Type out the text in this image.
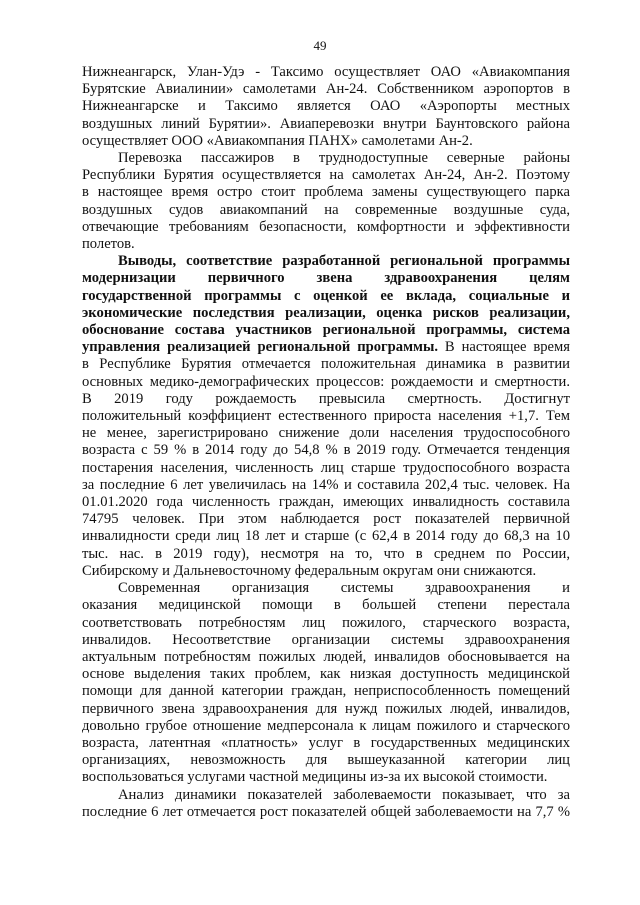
49
Нижнеангарск, Улан-Удэ - Таксимо осуществляет ОАО «Авиакомпания
Бурятские Авиалинии» самолетами Ан-24. Собственником аэропортов в
Нижнеангарске и Таксимо является ОАО «Аэропорты местных
воздушных линий Бурятии». Авиаперевозки внутри Баунтовского района
осуществляет ООО «Авиакомпания ПАНХ» самолетами Ан-2.
Перевозка пассажиров в труднодоступные северные районы
Республики Бурятия осуществляется на самолетах Ан-24, Ан-2. Поэтому
в настоящее время остро стоит проблема замены существующего парка
воздушных судов авиакомпаний на современные воздушные суда,
отвечающие требованиям безопасности, комфортности и эффективности
полетов.
Выводы, соответствие разработанной региональной программы
модернизации первичного звена здравоохранения целям
государственной программы с оценкой ее вклада, социальные и
экономические последствия реализации, оценка рисков реализации,
обоснование состава участников региональной программы, система
управления реализацией региональной программы. В настоящее время
в Республике Бурятия отмечается положительная динамика в развитии
основных медико-демографических процессов: рождаемости и смертности.
В 2019 году рождаемость превысила смертность. Достигнут
положительный коэффициент естественного прироста населения +1,7. Тем
не менее, зарегистрировано снижение доли населения трудоспособного
возраста с 59 % в 2014 году до 54,8 % в 2019 году. Отмечается тенденция
постарения населения, численность лиц старше трудоспособного возраста
за последние 6 лет увеличилась на 14% и составила 202,4 тыс. человек. На
01.01.2020 года численность граждан, имеющих инвалидность составила
74795 человек. При этом наблюдается рост показателей первичной
инвалидности среди лиц 18 лет и старше (с 62,4 в 2014 году до 68,3 на 10
тыс. нас. в 2019 году), несмотря на то, что в среднем по России,
Сибирскому и Дальневосточному федеральным округам они снижаются.
Современная организация системы здравоохранения и
оказания медицинской помощи в большей степени перестала
соответствовать потребностям лиц пожилого, старческого возраста,
инвалидов. Несоответствие организации системы здравоохранения
актуальным потребностям пожилых людей, инвалидов обосновывается на
основе выделения таких проблем, как низкая доступность медицинской
помощи для данной категории граждан, неприспособленность помещений
первичного звена здравоохранения для нужд пожилых людей, инвалидов,
довольно грубое отношение медперсонала к лицам пожилого и старческого
возраста, латентная «платность» услуг в государственных медицинских
организациях, невозможность для вышеуказанной категории лиц
воспользоваться услугами частной медицины из-за их высокой стоимости.
Анализ динамики показателей заболеваемости показывает, что за
последние 6 лет отмечается рост показателей общей заболеваемости на 7,7 %
